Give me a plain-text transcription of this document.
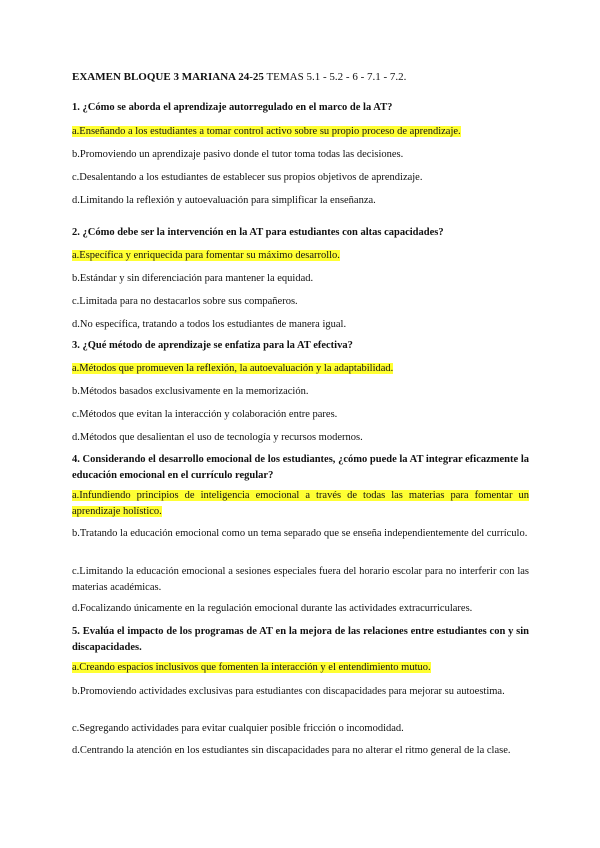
EXAMEN BLOQUE 3 MARIANA 24-25 TEMAS 5.1 - 5.2 - 6 - 7.1 - 7.2.
1. ¿Cómo se aborda el aprendizaje autorregulado en el marco de la AT?
a.Enseñando a los estudiantes a tomar control activo sobre su propio proceso de aprendizaje.
b.Promoviendo un aprendizaje pasivo donde el tutor toma todas las decisiones.
c.Desalentando a los estudiantes de establecer sus propios objetivos de aprendizaje.
d.Limitando la reflexión y autoevaluación para simplificar la enseñanza.
2. ¿Cómo debe ser la intervención en la AT para estudiantes con altas capacidades?
a.Específica y enriquecida para fomentar su máximo desarrollo.
b.Estándar y sin diferenciación para mantener la equidad.
c.Limitada para no destacarlos sobre sus compañeros.
d.No específica, tratando a todos los estudiantes de manera igual.
3. ¿Qué método de aprendizaje se enfatiza para la AT efectiva?
a.Métodos que promueven la reflexión, la autoevaluación y la adaptabilidad.
b.Métodos basados exclusivamente en la memorización.
c.Métodos que evitan la interacción y colaboración entre pares.
d.Métodos que desalientan el uso de tecnología y recursos modernos.
4. Considerando el desarrollo emocional de los estudiantes, ¿cómo puede la AT integrar eficazmente la educación emocional en el currículo regular?
a.Infundiendo principios de inteligencia emocional a través de todas las materias para fomentar un aprendizaje holístico.
b.Tratando la educación emocional como un tema separado que se enseña independientemente del currículo.
c.Limitando la educación emocional a sesiones especiales fuera del horario escolar para no interferir con las materias académicas.
d.Focalizando únicamente en la regulación emocional durante las actividades extracurriculares.
5. Evalúa el impacto de los programas de AT en la mejora de las relaciones entre estudiantes con y sin discapacidades.
a.Creando espacios inclusivos que fomenten la interacción y el entendimiento mutuo.
b.Promoviendo actividades exclusivas para estudiantes con discapacidades para mejorar su autoestima.
c.Segregando actividades para evitar cualquier posible fricción o incomodidad.
d.Centrando la atención en los estudiantes sin discapacidades para no alterar el ritmo general de la clase.
